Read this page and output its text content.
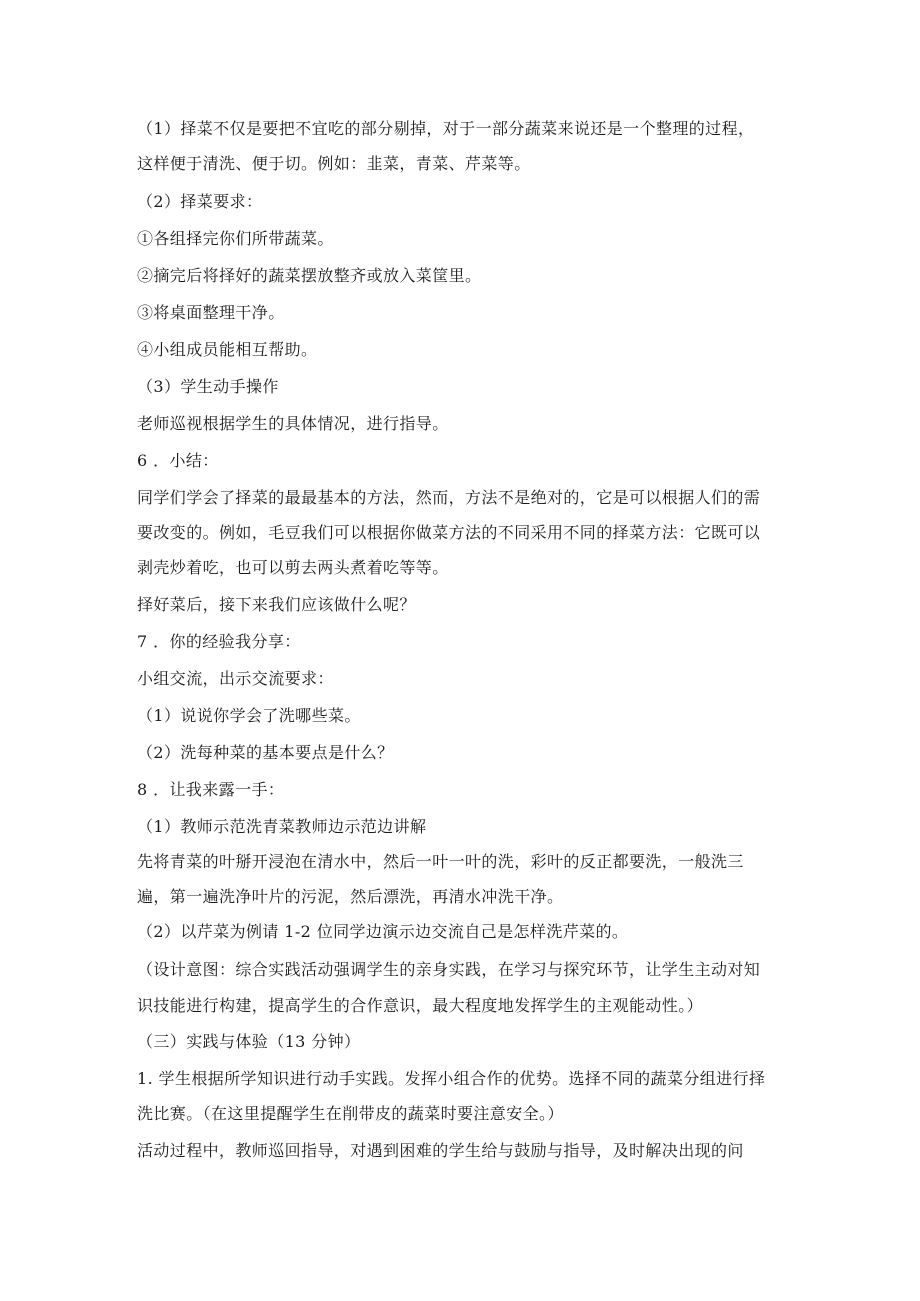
（1）择菜不仅是要把不宜吃的部分剔掉，对于一部分蔬菜来说还是一个整理的过程，
这样便于清洗、便于切。例如：韭菜，青菜、芹菜等。
（2）择菜要求：
①各组择完你们所带蔬菜。
②摘完后将择好的蔬菜摆放整齐或放入菜筐里。
③将桌面整理干净。
④小组成员能相互帮助。
（3）学生动手操作
老师巡视根据学生的具体情况，进行指导。
6 ．小结：
同学们学会了择菜的最最基本的方法，然而，方法不是绝对的，它是可以根据人们的需
要改变的。例如，毛豆我们可以根据你做菜方法的不同采用不同的择菜方法：它既可以
剥壳炒着吃，也可以剪去两头煮着吃等等。
择好菜后，接下来我们应该做什么呢？
7 ．你的经验我分享：
小组交流，出示交流要求：
（1）说说你学会了洗哪些菜。
（2）洗每种菜的基本要点是什么？
8 ．让我来露一手：
（1）教师示范洗青菜教师边示范边讲解
先将青菜的叶掰开浸泡在清水中，然后一叶一叶的洗，彩叶的反正都要洗，一般洗三
遍，第一遍洗净叶片的污泥，然后漂洗，再清水冲洗干净。
（2）以芹菜为例请 1-2 位同学边演示边交流自己是怎样洗芹菜的。
（设计意图：综合实践活动强调学生的亲身实践，在学习与探究环节，让学生主动对知
识技能进行构建，提高学生的合作意识，最大程度地发挥学生的主观能动性。）
（三）实践与体验（13 分钟）
1. 学生根据所学知识进行动手实践。发挥小组合作的优势。选择不同的蔬菜分组进行择
洗比赛。（在这里提醒学生在削带皮的蔬菜时要注意安全。）
活动过程中，教师巡回指导，对遇到困难的学生给与鼓励与指导，及时解决出现的问
